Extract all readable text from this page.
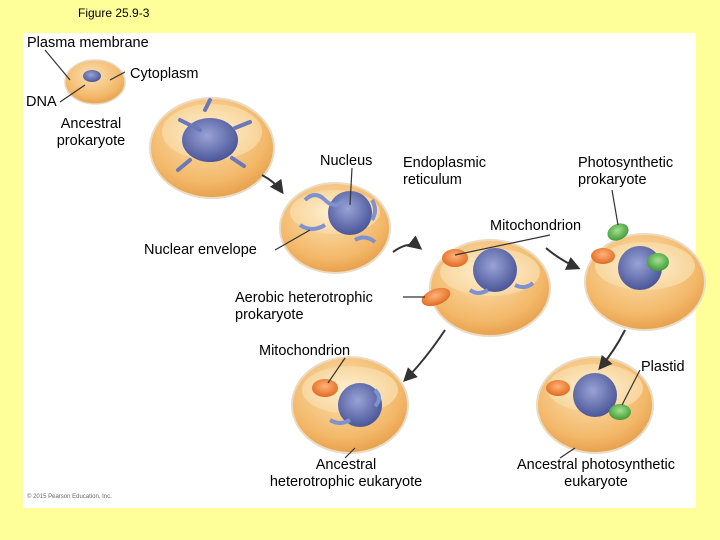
Figure 25.9-3
Plasma membrane
Cytoplasm
DNA
Ancestral
prokaryote
Nucleus Endoplasmic
reticulum
Photosynthetic
prokaryote
Mitochondrion
Nuclear envelope
Aerobic heterotrophic
prokaryote
Mitochondrion
Plastid
Ancestral
heterotrophic eukaryote
Ancestral photosynthetic
eukaryote
© 2015 Pearson Education, Inc.
